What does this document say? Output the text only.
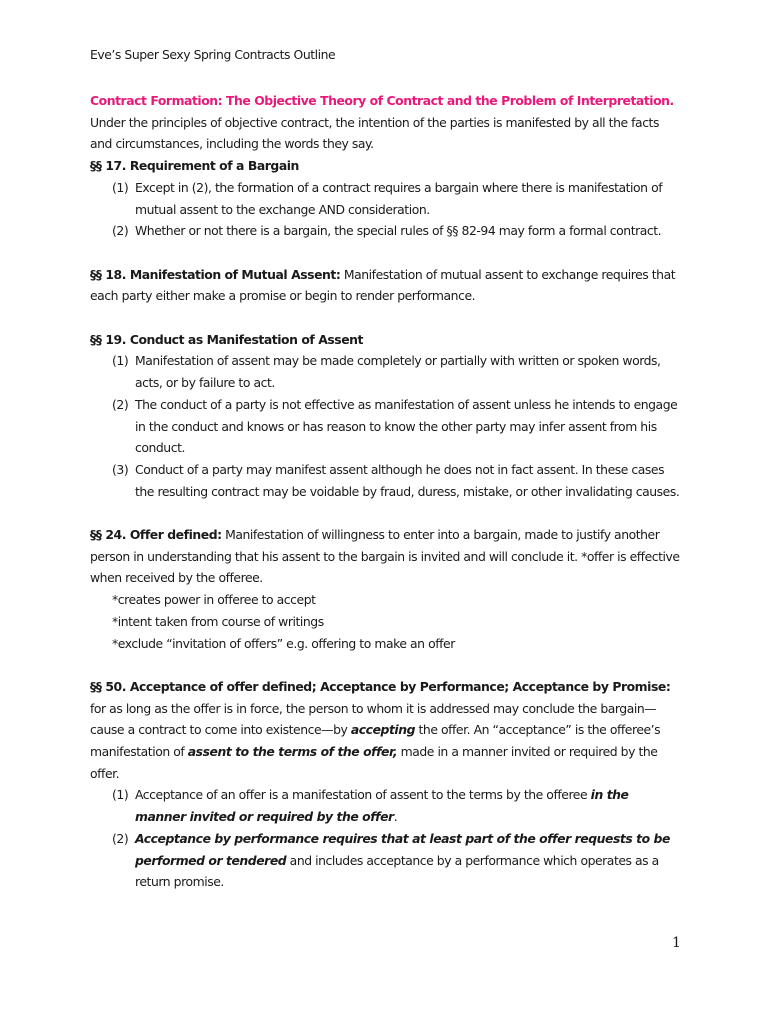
Eve’s Super Sexy Spring Contracts Outline

Contract Formation: The Objective Theory of Contract and the Problem of Interpretation.

Under the principles of objective contract, the intention of the parties is manifested by all the facts and circumstances, including the words they say.

§§ 17. Requirement of a Bargain

(1) Except in (2), the formation of a contract requires a bargain where there is manifestation of mutual assent to the exchange AND consideration.
(2) Whether or not there is a bargain, the special rules of §§ 82-94 may form a formal contract.

§§ 18. Manifestation of Mutual Assent: Manifestation of mutual assent to exchange requires that each party either make a promise or begin to render performance.

§§ 19. Conduct as Manifestation of Assent

(1) Manifestation of assent may be made completely or partially with written or spoken words, acts, or by failure to act.
(2) The conduct of a party is not effective as manifestation of assent unless he intends to engage in the conduct and knows or has reason to know the other party may infer assent from his conduct.
(3) Conduct of a party may manifest assent although he does not in fact assent. In these cases the resulting contract may be voidable by fraud, duress, mistake, or other invalidating causes.

§§ 24. Offer defined: Manifestation of willingness to enter into a bargain, made to justify another person in understanding that his assent to the bargain is invited and will conclude it. *offer is effective when received by the offeree.

*creates power in offeree to accept

*intent taken from course of writings

*exclude “invitation of offers” e.g. offering to make an offer

§§ 50. Acceptance of offer defined; Acceptance by Performance; Acceptance by Promise: for as long as the offer is in force, the person to whom it is addressed may conclude the bargain—cause a contract to come into existence—by accepting the offer. An “acceptance” is the offeree’s manifestation of assent to the terms of the offer, made in a manner invited or required by the offer.

(1) Acceptance of an offer is a manifestation of assent to the terms by the offeree in the manner invited or required by the offer.
(2) Acceptance by performance requires that at least part of the offer requests to be performed or tendered and includes acceptance by a performance which operates as a return promise.
1
